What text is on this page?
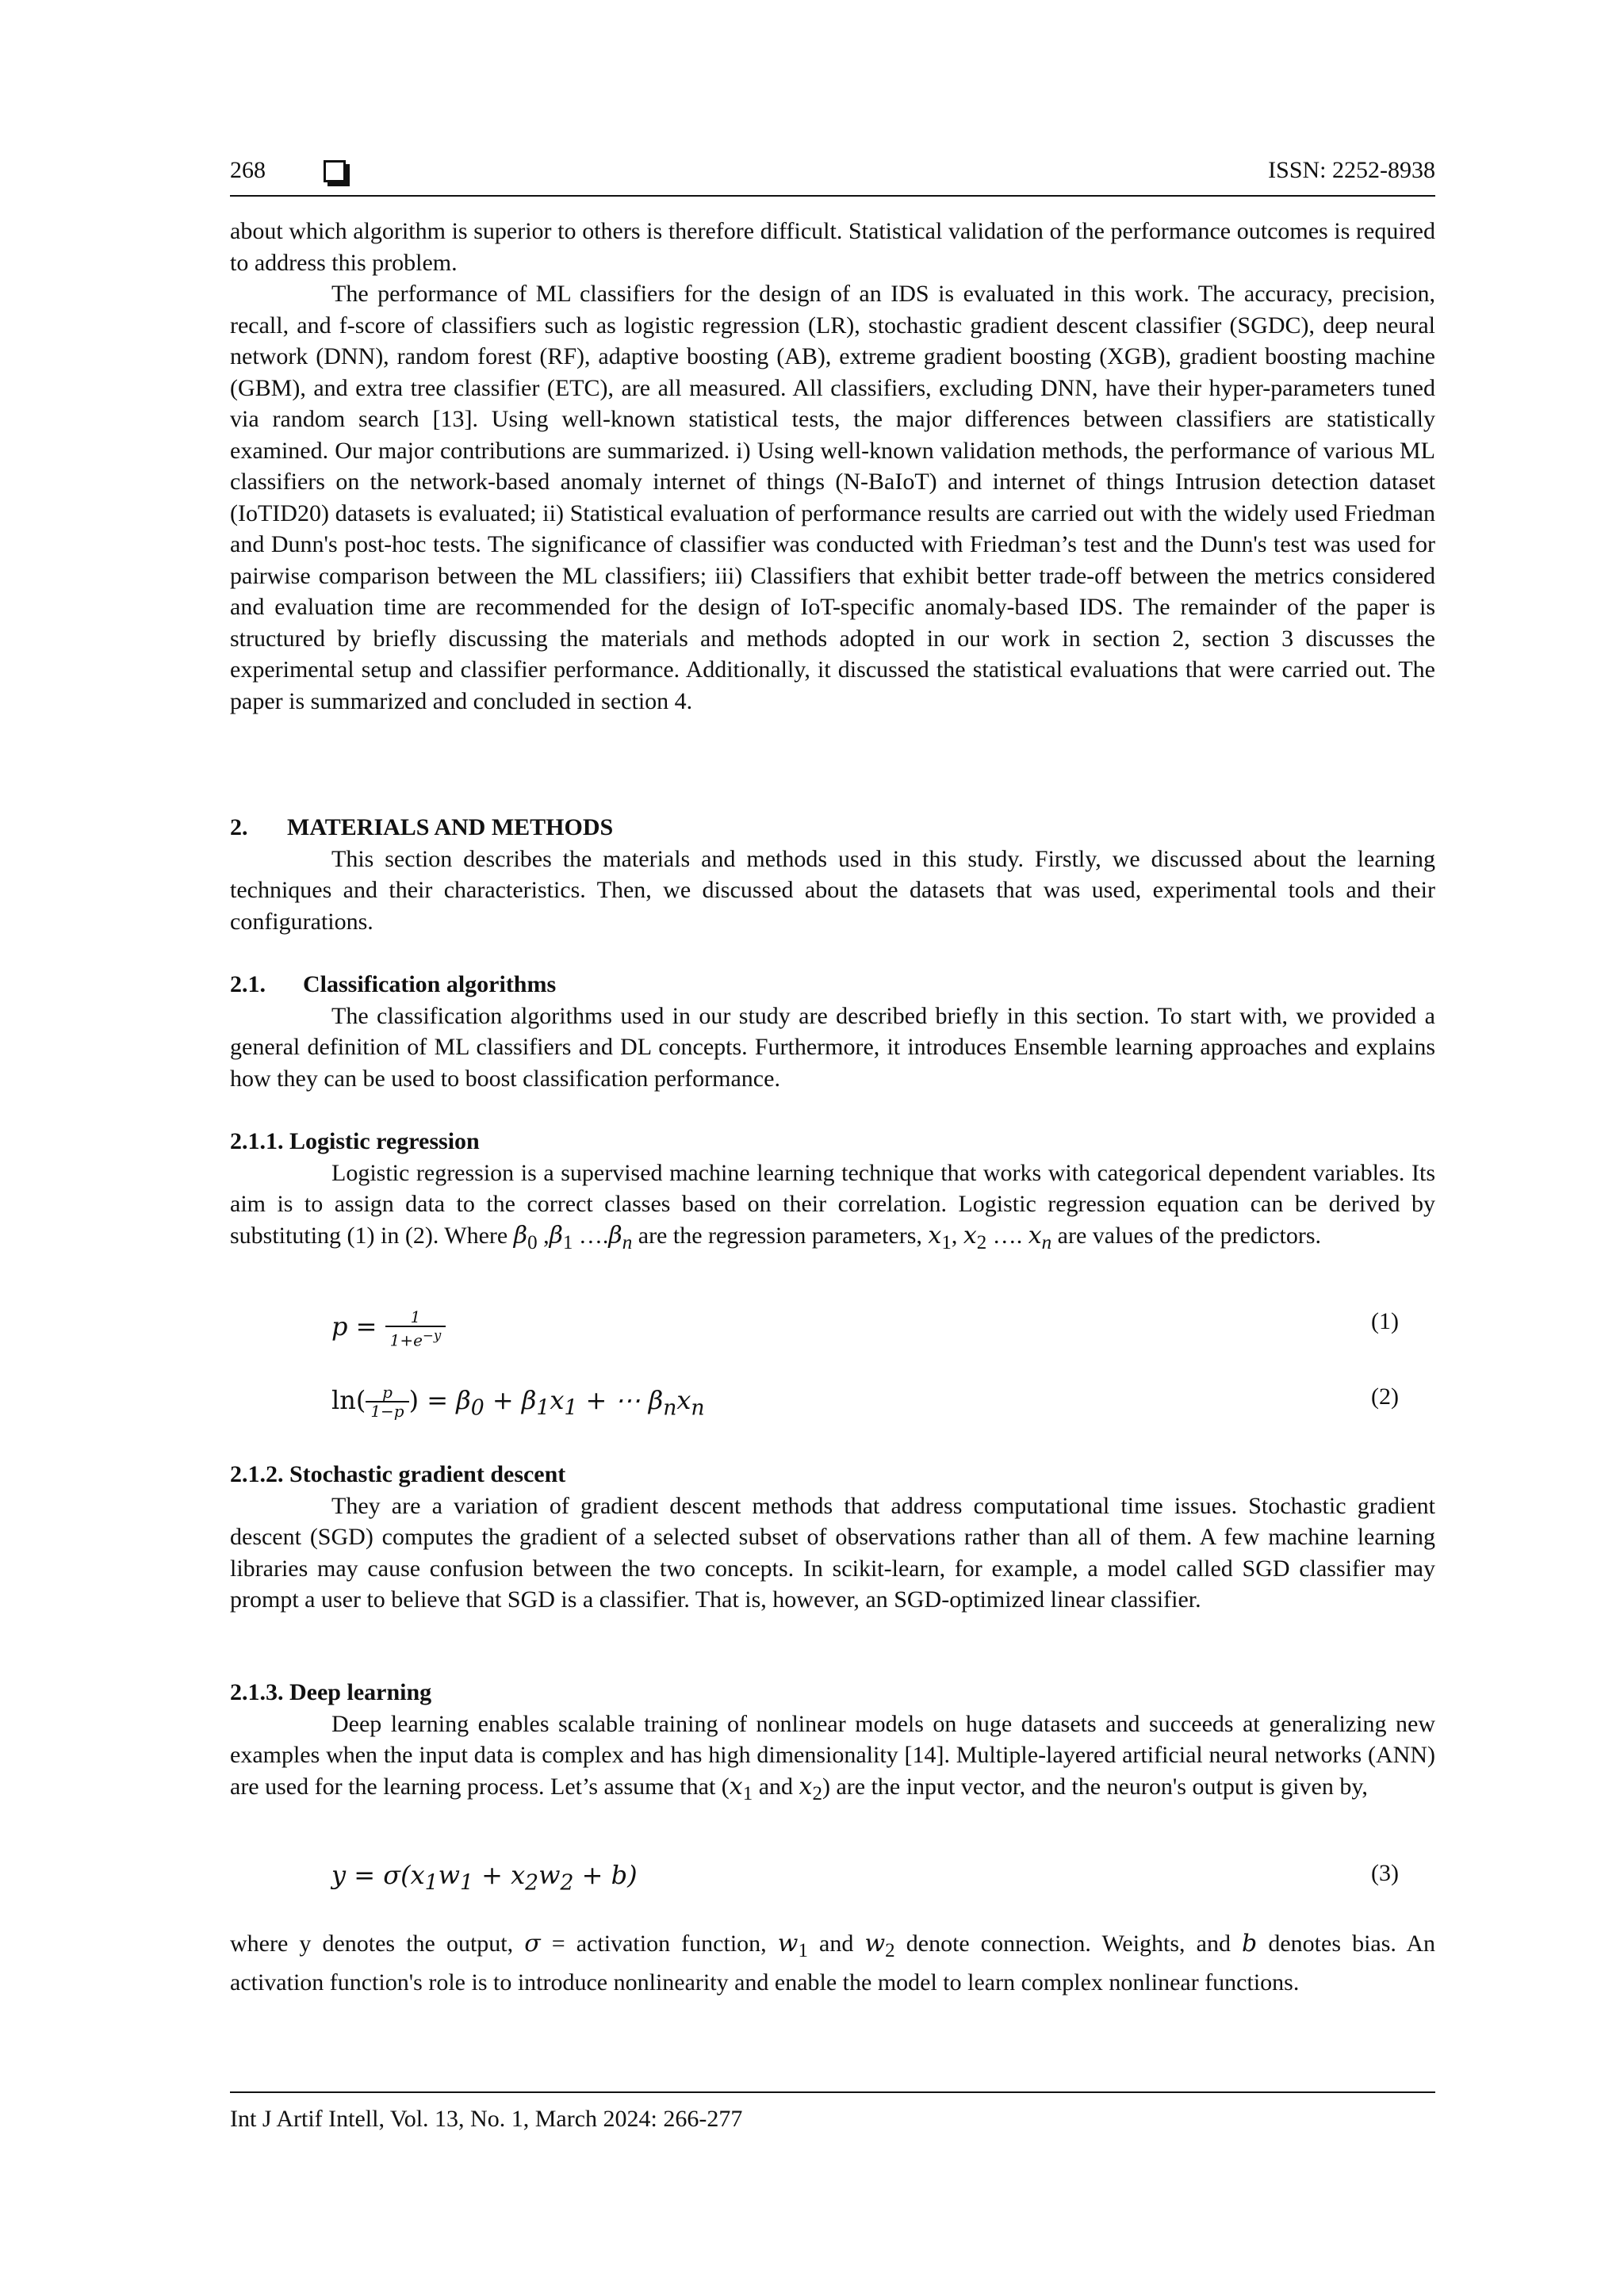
268	ISSN: 2252-8938

about which algorithm is superior to others is therefore difficult. Statistical validation of the performance outcomes is required to address this problem.

The performance of ML classifiers for the design of an IDS is evaluated in this work. The accuracy, precision, recall, and f-score of classifiers such as logistic regression (LR), stochastic gradient descent classifier (SGDC), deep neural network (DNN), random forest (RF), adaptive boosting (AB), extreme gradient boosting (XGB), gradient boosting machine (GBM), and extra tree classifier (ETC), are all measured. All classifiers, excluding DNN, have their hyper-parameters tuned via random search [13]. Using well-known statistical tests, the major differences between classifiers are statistically examined. Our major contributions are summarized. i) Using well-known validation methods, the performance of various ML classifiers on the network-based anomaly internet of things (N-BaIoT) and internet of things Intrusion detection dataset (IoTID20) datasets is evaluated; ii) Statistical evaluation of performance results are carried out with the widely used Friedman and Dunn's post-hoc tests. The significance of classifier was conducted with Friedman’s test and the Dunn's test was used for pairwise comparison between the ML classifiers; iii) Classifiers that exhibit better trade-off between the metrics considered and evaluation time are recommended for the design of IoT-specific anomaly-based IDS. The remainder of the paper is structured by briefly discussing the materials and methods adopted in our work in section 2, section 3 discusses the experimental setup and classifier performance. Additionally, it discussed the statistical evaluations that were carried out. The paper is summarized and concluded in section 4.

2. MATERIALS AND METHODS

This section describes the materials and methods used in this study. Firstly, we discussed about the learning techniques and their characteristics. Then, we discussed about the datasets that was used, experimental tools and their configurations.

2.1. Classification algorithms

The classification algorithms used in our study are described briefly in this section. To start with, we provided a general definition of ML classifiers and DL concepts. Furthermore, it introduces Ensemble learning approaches and explains how they can be used to boost classification performance.

2.1.1. Logistic regression

Logistic regression is a supervised machine learning technique that works with categorical dependent variables. Its aim is to assign data to the correct classes based on their correlation. Logistic regression equation can be derived by substituting (1) in (2). Where $\beta_0$ $,\beta_1$ $\dots.\beta_n$ are the regression parameters, $x_1$, $x_2$ …. $x_n$ are values of the predictors.

$p = \frac{1}{1+e^{-y}}$	(1)
$\ln( \frac{p}{1-p}$ ) = $\beta_0 + \beta_1x_1$ + ⋯ $\beta_nx_n$	(2)
2.1.2. Stochastic gradient descent

They are a variation of gradient descent methods that address computational time issues. Stochastic gradient descent (SGD) computes the gradient of a selected subset of observations rather than all of them. A few machine learning libraries may cause confusion between the two concepts. In scikit-learn, for example, a model called SGD classifier may prompt a user to believe that SGD is a classifier. That is, however, an SGD-optimized linear classifier.

2.1.3. Deep learning

Deep learning enables scalable training of nonlinear models on huge datasets and succeeds at generalizing new examples when the input data is complex and has high dimensionality [14]. Multiple-layered artificial neural networks (ANN) are used for the learning process. Let’s assume that ($x_1$ and $x_2$) are the input vector, and the neuron's output is given by,

$y = \sigma(x_1w_1 + x_2w_2 + b)$	(3)

where y denotes the output, σ = activation function, $w_1$ and $w_2$ denote connection. Weights, and b denotes bias. An activation function's role is to introduce nonlinearity and enable the model to learn complex nonlinear functions.

Int J Artif Intell, Vol. 13, No. 1, March 2024: 266-277
